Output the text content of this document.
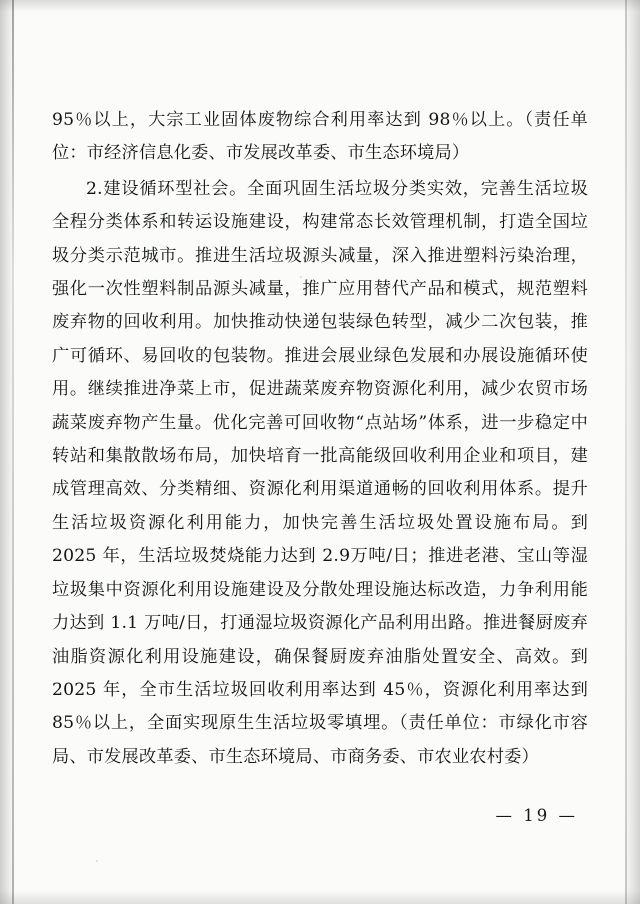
95％以上，大宗工业固体废物综合利用率达到 98％以上。（责任单位：市经济信息化委、市发展改革委、市生态环境局）

2.建设循环型社会。全面巩固生活垃圾分类实效，完善生活垃圾全程分类体系和转运设施建设，构建常态长效管理机制，打造全国垃圾分类示范城市。推进生活垃圾源头减量，深入推进塑料污染治理，强化一次性塑料制品源头减量，推广应用替代产品和模式，规范塑料废弃物的回收利用。加快推动快递包装绿色转型，减少二次包装，推广可循环、易回收的包装物。推进会展业绿色发展和办展设施循环使用。继续推进净菜上市，促进蔬菜废弃物资源化利用，减少农贸市场蔬菜废弃物产生量。优化完善可回收物“点站场”体系，进一步稳定中转站和集散散场布局，加快培育一批高能级回收利用企业和项目，建成管理高效、分类精细、资源化利用渠道通畅的回收利用体系。提升生活垃圾资源化利用能力，加快完善生活垃圾处置设施布局。到 2025 年，生活垃圾焚烧能力达到 2.9万吨/日；推进老港、宝山等湿垃圾集中资源化利用设施建设及分散处理设施达标改造，力争利用能力达到 1.1 万吨/日，打通湿垃圾资源化产品利用出路。推进餐厨废弃油脂资源化利用设施建设，确保餐厨废弃油脂处置安全、高效。到 2025 年，全市生活垃圾回收利用率达到 45％，资源化利用率达到 85％以上，全面实现原生生活垃圾零填埋。（责任单位：市绿化市容局、市发展改革委、市生态环境局、市商务委、市农业农村委）

— 19 —
